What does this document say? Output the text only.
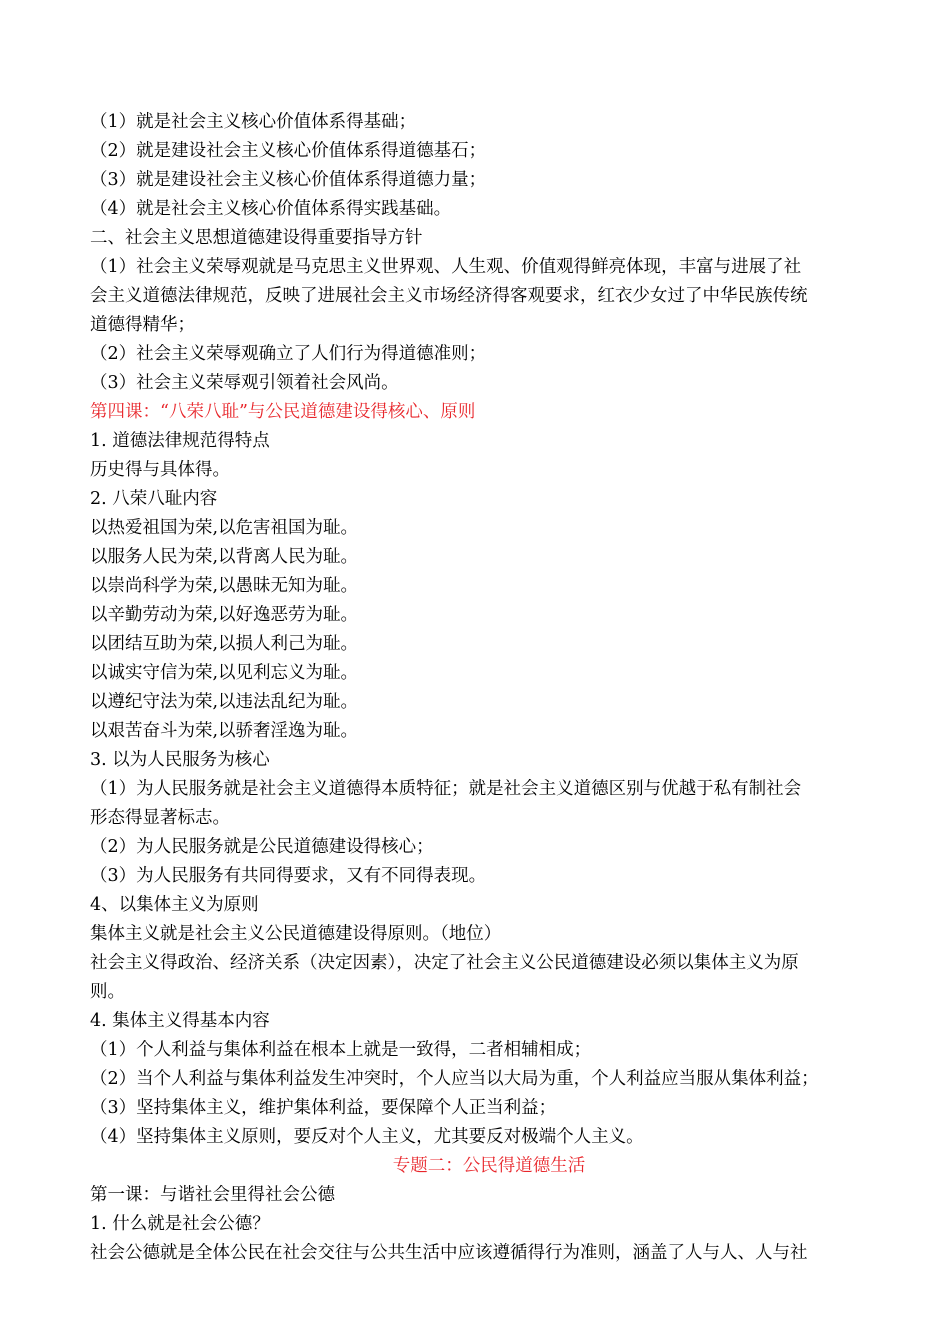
（1）就是社会主义核心价值体系得基础；
（2）就是建设社会主义核心价值体系得道德基石；
（3）就是建设社会主义核心价值体系得道德力量；
（4）就是社会主义核心价值体系得实践基础。
二、社会主义思想道德建设得重要指导方针
（1）社会主义荣辱观就是马克思主义世界观、人生观、价值观得鲜亮体现，丰富与进展了社
会主义道德法律规范，反映了进展社会主义市场经济得客观要求，红衣少女过了中华民族传统
道德得精华；
（2）社会主义荣辱观确立了人们行为得道德准则；
（3）社会主义荣辱观引领着社会风尚。
第四课：“八荣八耻”与公民道德建设得核心、原则
1. 道德法律规范得特点
历史得与具体得。
2. 八荣八耻内容
以热爱祖国为荣,以危害祖国为耻。
以服务人民为荣,以背离人民为耻。
以崇尚科学为荣,以愚昧无知为耻。
以辛勤劳动为荣,以好逸恶劳为耻。
以团结互助为荣,以损人利己为耻。
以诚实守信为荣,以见利忘义为耻。
以遵纪守法为荣,以违法乱纪为耻。
以艰苦奋斗为荣,以骄奢淫逸为耻。
3. 以为人民服务为核心
（1）为人民服务就是社会主义道德得本质特征；就是社会主义道德区别与优越于私有制社会
形态得显著标志。
（2）为人民服务就是公民道德建设得核心；
（3）为人民服务有共同得要求，又有不同得表现。
4、以集体主义为原则
集体主义就是社会主义公民道德建设得原则。（地位）
社会主义得政治、经济关系（决定因素），决定了社会主义公民道德建设必须以集体主义为原
则。
4. 集体主义得基本内容
（1）个人利益与集体利益在根本上就是一致得，二者相辅相成；
（2）当个人利益与集体利益发生冲突时，个人应当以大局为重，个人利益应当服从集体利益；
（3）坚持集体主义，维护集体利益，要保障个人正当利益；
（4）坚持集体主义原则，要反对个人主义，尤其要反对极端个人主义。
专题二：公民得道德生活
第一课：与谐社会里得社会公德
1. 什么就是社会公德？
社会公德就是全体公民在社会交往与公共生活中应该遵循得行为准则，涵盖了人与人、人与社
